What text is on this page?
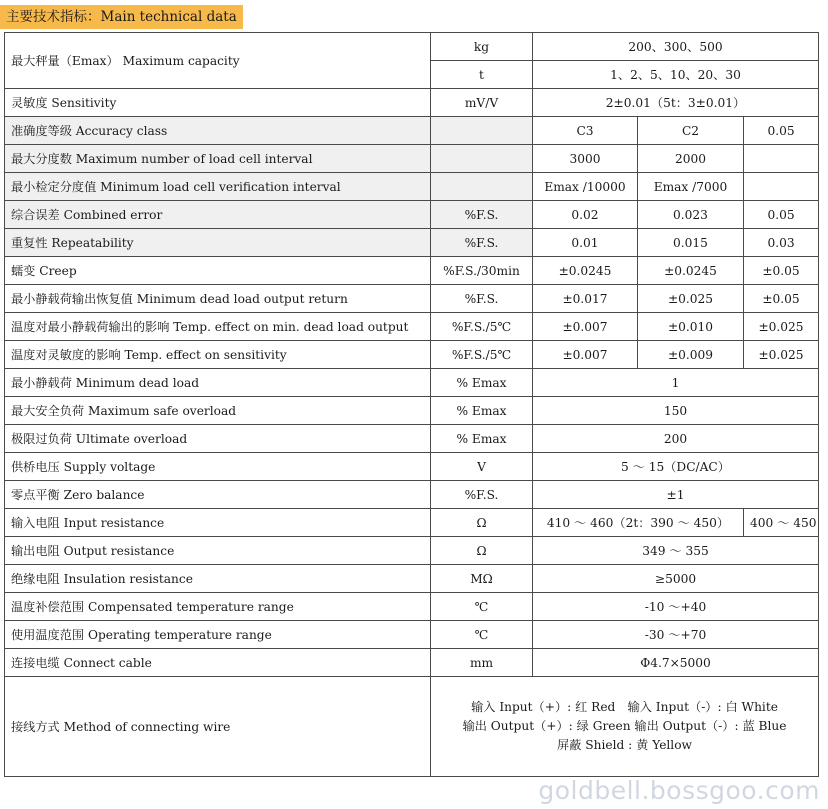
主要技术指标：Main technical data
最大秤量（Emax） Maximum capacity	kg	200、300、500		
	t	1、2、5、10、20、30		
灵敏度 Sensitivity	mV/V	2±0.01（5t：3±0.01）		
准确度等级 Accuracy class		C3	C2	0.05
最大分度数 Maximum number of load cell interval		3000	2000	
最小检定分度值 Minimum load cell verification interval		Emax /10000	Emax /7000	
综合误差 Combined error	%F.S.	0.02	0.023	0.05
重复性 Repeatability	%F.S.	0.01	0.015	0.03
蠕变 Creep	%F.S./30min	±0.0245	±0.0245	±0.05
最小静载荷输出恢复值 Minimum dead load output return	%F.S.	±0.017	±0.025	±0.05
温度对最小静载荷输出的影响 Temp. effect on min. dead load output	%F.S./5℃	±0.007	±0.010	±0.025
温度对灵敏度的影响 Temp. effect on sensitivity	%F.S./5℃	±0.007	±0.009	±0.025
最小静载荷 Minimum dead load	% Emax	1		
最大安全负荷 Maximum safe overload	% Emax	150		
极限过负荷 Ultimate overload	% Emax	200		
供桥电压 Supply voltage	V	5 ～ 15（DC/AC）		
零点平衡 Zero balance	%F.S.	±1		
输入电阻 Input resistance	Ω	410 ～ 460（2t：390 ～ 450）		400 ～ 450
输出电阻 Output resistance	Ω	349 ～ 355		
绝缘电阻 Insulation resistance	MΩ	≥5000		
温度补偿范围 Compensated temperature range	℃	-10 ～+40		
使用温度范围 Operating temperature range	℃	-30 ～+70		
连接电缆 Connect cable	mm	Φ4.7×5000		
接线方式 Method of connecting wire	输入 Input（+）: 红 Red　输入 Input（-）: 白 White
输出 Output（+）: 绿 Green 输出 Output（-）: 蓝 Blue
屏蔽 Shield : 黄 Yellow			
goldbell.bossgoo.com
